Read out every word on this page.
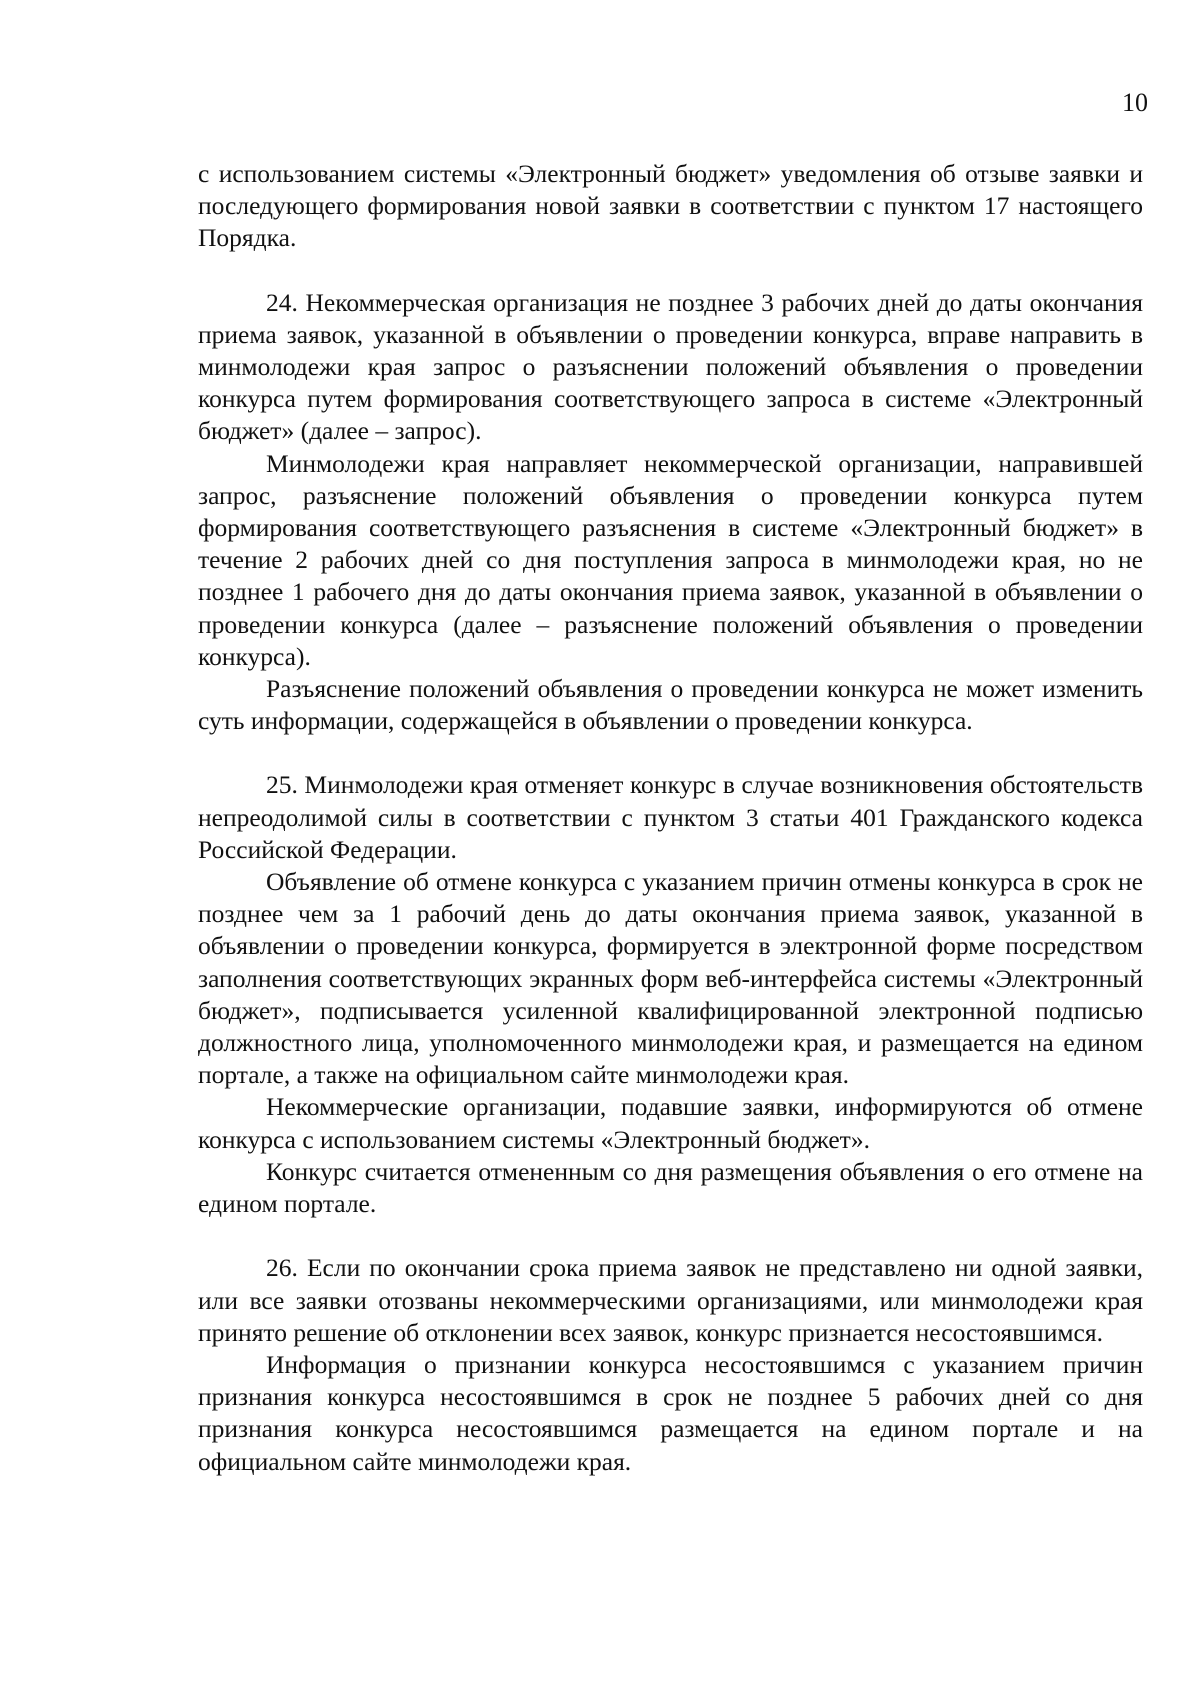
10

с использованием системы «Электронный бюджет» уведомления об отзыве заявки и последующего формирования новой заявки в соответствии с пунктом 17 настоящего Порядка.

24. Некоммерческая организация не позднее 3 рабочих дней до даты окончания приема заявок, указанной в объявлении о проведении конкурса, вправе направить в минмолодежи края запрос о разъяснении положений объявления о проведении конкурса путем формирования соответствующего запроса в системе «Электронный бюджет» (далее – запрос).

Минмолодежи края направляет некоммерческой организации, направившей запрос, разъяснение положений объявления о проведении конкурса путем формирования соответствующего разъяснения в системе «Электронный бюджет» в течение 2 рабочих дней со дня поступления запроса в минмолодежи края, но не позднее 1 рабочего дня до даты окончания приема заявок, указанной в объявлении о проведении конкурса (далее – разъяснение положений объявления о проведении конкурса).

Разъяснение положений объявления о проведении конкурса не может изменить суть информации, содержащейся в объявлении о проведении конкурса.

25. Минмолодежи края отменяет конкурс в случае возникновения обстоятельств непреодолимой силы в соответствии с пунктом 3 статьи 401 Гражданского кодекса Российской Федерации.

Объявление об отмене конкурса с указанием причин отмены конкурса в срок не позднее чем за 1 рабочий день до даты окончания приема заявок, указанной в объявлении о проведении конкурса, формируется в электронной форме посредством заполнения соответствующих экранных форм веб-интерфейса системы «Электронный бюджет», подписывается усиленной квалифицированной электронной подписью должностного лица, уполномоченного минмолодежи края, и размещается на едином портале, а также на официальном сайте минмолодежи края.

Некоммерческие организации, подавшие заявки, информируются об отмене конкурса с использованием системы «Электронный бюджет».

Конкурс считается отмененным со дня размещения объявления о его отмене на едином портале.

26. Если по окончании срока приема заявок не представлено ни одной заявки, или все заявки отозваны некоммерческими организациями, или минмолодежи края принято решение об отклонении всех заявок, конкурс признается несостоявшимся.

Информация о признании конкурса несостоявшимся с указанием причин признания конкурса несостоявшимся в срок не позднее 5 рабочих дней со дня признания конкурса несостоявшимся размещается на едином портале и на официальном сайте минмолодежи края.
